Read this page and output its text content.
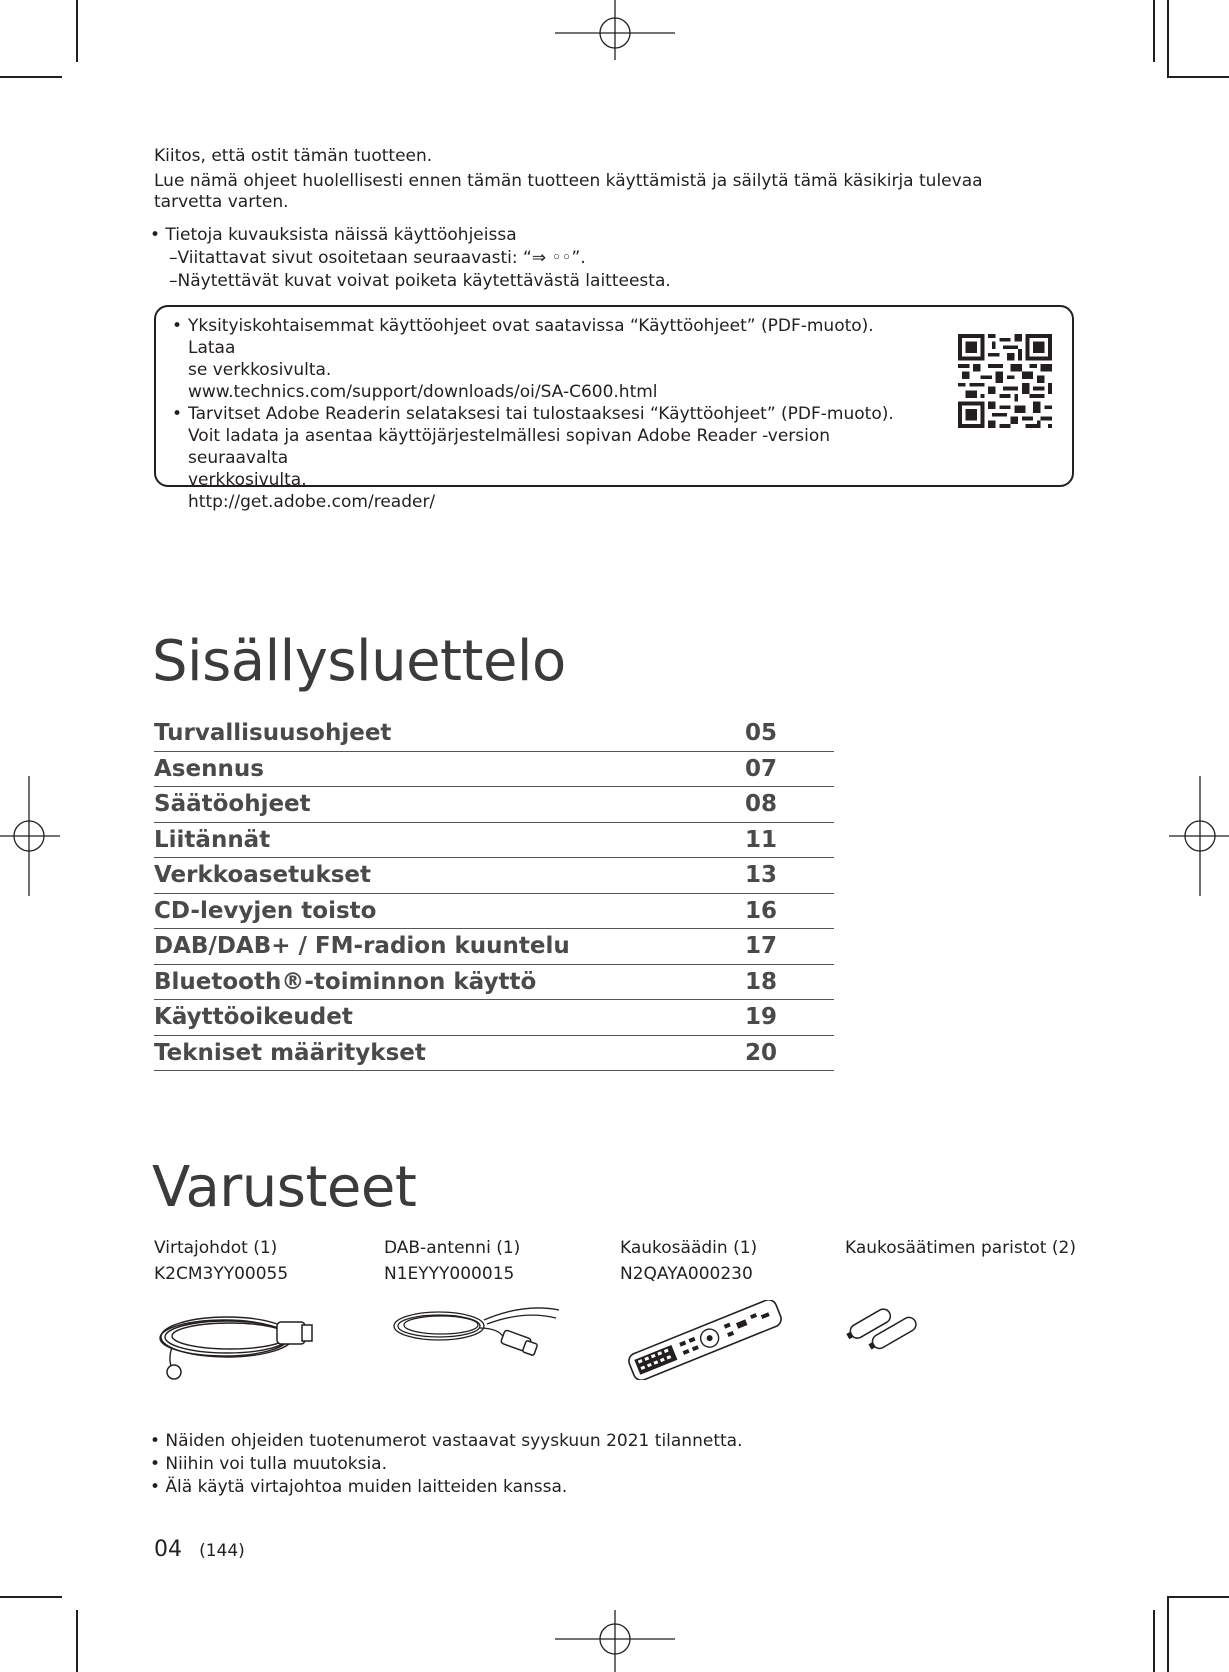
Kiitos, että ostit tämän tuotteen.

Lue nämä ohjeet huolellisesti ennen tämän tuotteen käyttämistä ja säilytä tämä käsikirja tulevaa tarvetta varten.

• Tietoja kuvauksista näissä käyttöohjeissa
–Viitattavat sivut osoitetaan seuraavasti: “⇒ ◦◦”.
–Näytettävät kuvat voivat poiketa käytettävästä laitteesta.
• Yksityiskohtaisemmat käyttöohjeet ovat saatavissa “Käyttöohjeet” (PDF-muoto). Lataa
se verkkosivulta.
www.technics.com/support/downloads/oi/SA-C600.html
• Tarvitset Adobe Readerin selataksesi tai tulostaaksesi “Käyttöohjeet” (PDF-muoto).
Voit ladata ja asentaa käyttöjärjestelmällesi sopivan Adobe Reader -version seuraavalta
verkkosivulta.
http://get.adobe.com/reader/
Sisällysluettelo
Turvallisuusohjeet	05
Asennus	07
Säätöohjeet	08
Liitännät	11
Verkkoasetukset	13
CD-levyjen toisto	16
DAB/DAB+ / FM-radion kuuntelu	17
Bluetooth®-toiminnon käyttö	18
Käyttöoikeudet	19
Tekniset määritykset	20
Varusteet
Virtajohdot (1)
K2CM3YY00055
DAB-antenni (1)
N1EYYY000015
Kaukosäädin (1)
N2QAYA000230
Kaukosäätimen paristot (2)
• Näiden ohjeiden tuotenumerot vastaavat syyskuun 2021 tilannetta.
• Niihin voi tulla muutoksia.
• Älä käytä virtajohtoa muiden laitteiden kanssa.
04 (144)
